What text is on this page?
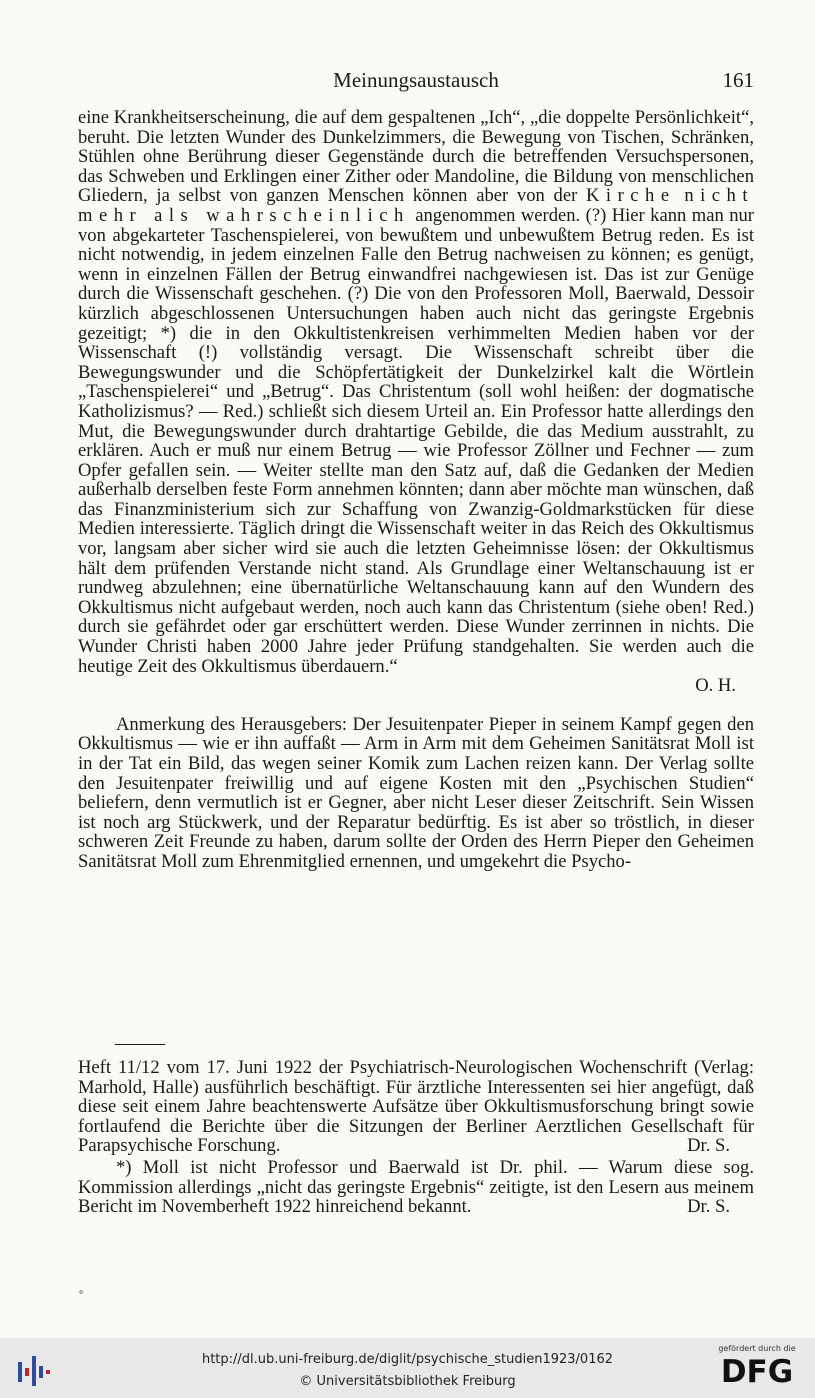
Meinungsaustausch	161

eine Krankheitserscheinung, die auf dem gespaltenen „Ich“, „die doppelte Persönlichkeit“, beruht. Die letzten Wunder des Dunkelzimmers, die Bewegung von Tischen, Schränken, Stühlen ohne Berührung dieser Gegenstände durch die betreffenden Versuchspersonen, das Schweben und Erklingen einer Zither oder Mandoline, die Bildung von menschlichen Gliedern, ja selbst von ganzen Menschen können aber von der Kirche nicht mehr als wahrscheinlich angenommen werden. (?) Hier kann man nur von abgekarteter Taschenspielerei, von bewußtem und unbewußtem Betrug reden. Es ist nicht notwendig, in jedem einzelnen Falle den Betrug nachweisen zu können; es genügt, wenn in einzelnen Fällen der Betrug einwandfrei nachgewiesen ist. Das ist zur Genüge durch die Wissenschaft geschehen. (?) Die von den Professoren Moll, Baerwald, Dessoir kürzlich abgeschlossenen Untersuchungen haben auch nicht das geringste Ergebnis gezeitigt; *) die in den Okkultistenkreisen verhimmelten Medien haben vor der Wissenschaft (!) vollständig versagt. Die Wissenschaft schreibt über die Bewegungswunder und die Schöpfertätigkeit der Dunkelzirkel kalt die Wörtlein „Taschenspielerei“ und „Betrug“. Das Christentum (soll wohl heißen: der dogmatische Katholizismus? — Red.) schließt sich diesem Urteil an. Ein Professor hatte allerdings den Mut, die Bewegungswunder durch drahtartige Gebilde, die das Medium ausstrahlt, zu erklären. Auch er muß nur einem Betrug — wie Professor Zöllner und Fechner — zum Opfer gefallen sein. — Weiter stellte man den Satz auf, daß die Gedanken der Medien außerhalb derselben feste Form annehmen könnten; dann aber möchte man wünschen, daß das Finanzministerium sich zur Schaffung von Zwanzig-Goldmarkstücken für diese Medien interessierte. Täglich dringt die Wissenschaft weiter in das Reich des Okkultismus vor, langsam aber sicher wird sie auch die letzten Geheimnisse lösen: der Okkultismus hält dem prüfenden Verstande nicht stand. Als Grundlage einer Weltanschauung ist er rundweg abzulehnen; eine übernatürliche Weltanschauung kann auf den Wundern des Okkultismus nicht aufgebaut werden, noch auch kann das Christentum (siehe oben! Red.) durch sie gefährdet oder gar erschüttert werden. Diese Wunder zerrinnen in nichts. Die Wunder Christi haben 2000 Jahre jeder Prüfung standgehalten. Sie werden auch die heutige Zeit des Okkultismus überdauern.“

O. H.

Anmerkung des Herausgebers: Der Jesuitenpater Pieper in seinem Kampf gegen den Okkultismus — wie er ihn auffaßt — Arm in Arm mit dem Geheimen Sanitätsrat Moll ist in der Tat ein Bild, das wegen seiner Komik zum Lachen reizen kann. Der Verlag sollte den Jesuitenpater freiwillig und auf eigene Kosten mit den „Psychischen Studien“ beliefern, denn vermutlich ist er Gegner, aber nicht Leser dieser Zeitschrift. Sein Wissen ist noch arg Stückwerk, und der Reparatur bedürftig. Es ist aber so tröstlich, in dieser schweren Zeit Freunde zu haben, darum sollte der Orden des Herrn Pieper den Geheimen Sanitätsrat Moll zum Ehrenmitglied ernennen, und umgekehrt die Psycho-

Heft 11/12 vom 17. Juni 1922 der Psychiatrisch-Neurologischen Wochenschrift (Verlag: Marhold, Halle) ausführlich beschäftigt. Für ärztliche Interessenten sei hier angefügt, daß diese seit einem Jahre beachtenswerte Aufsätze über Okkultismusforschung bringt sowie fortlaufend die Berichte über die Sitzungen der Berliner Aerztlichen Gesellschaft für Parapsychische Forschung.	Dr. S.

*) Moll ist nicht Professor und Baerwald ist Dr. phil. — Warum diese sog. Kommission allerdings „nicht das geringste Ergebnis“ zeitigte, ist den Lesern aus meinem Bericht im Novemberheft 1922 hinreichend bekannt.	Dr. S.

˚
http://dl.ub.uni-freiburg.de/diglit/psychische_studien1923/0162
© Universitätsbibliothek Freiburg
gefördert durch die
DFG
